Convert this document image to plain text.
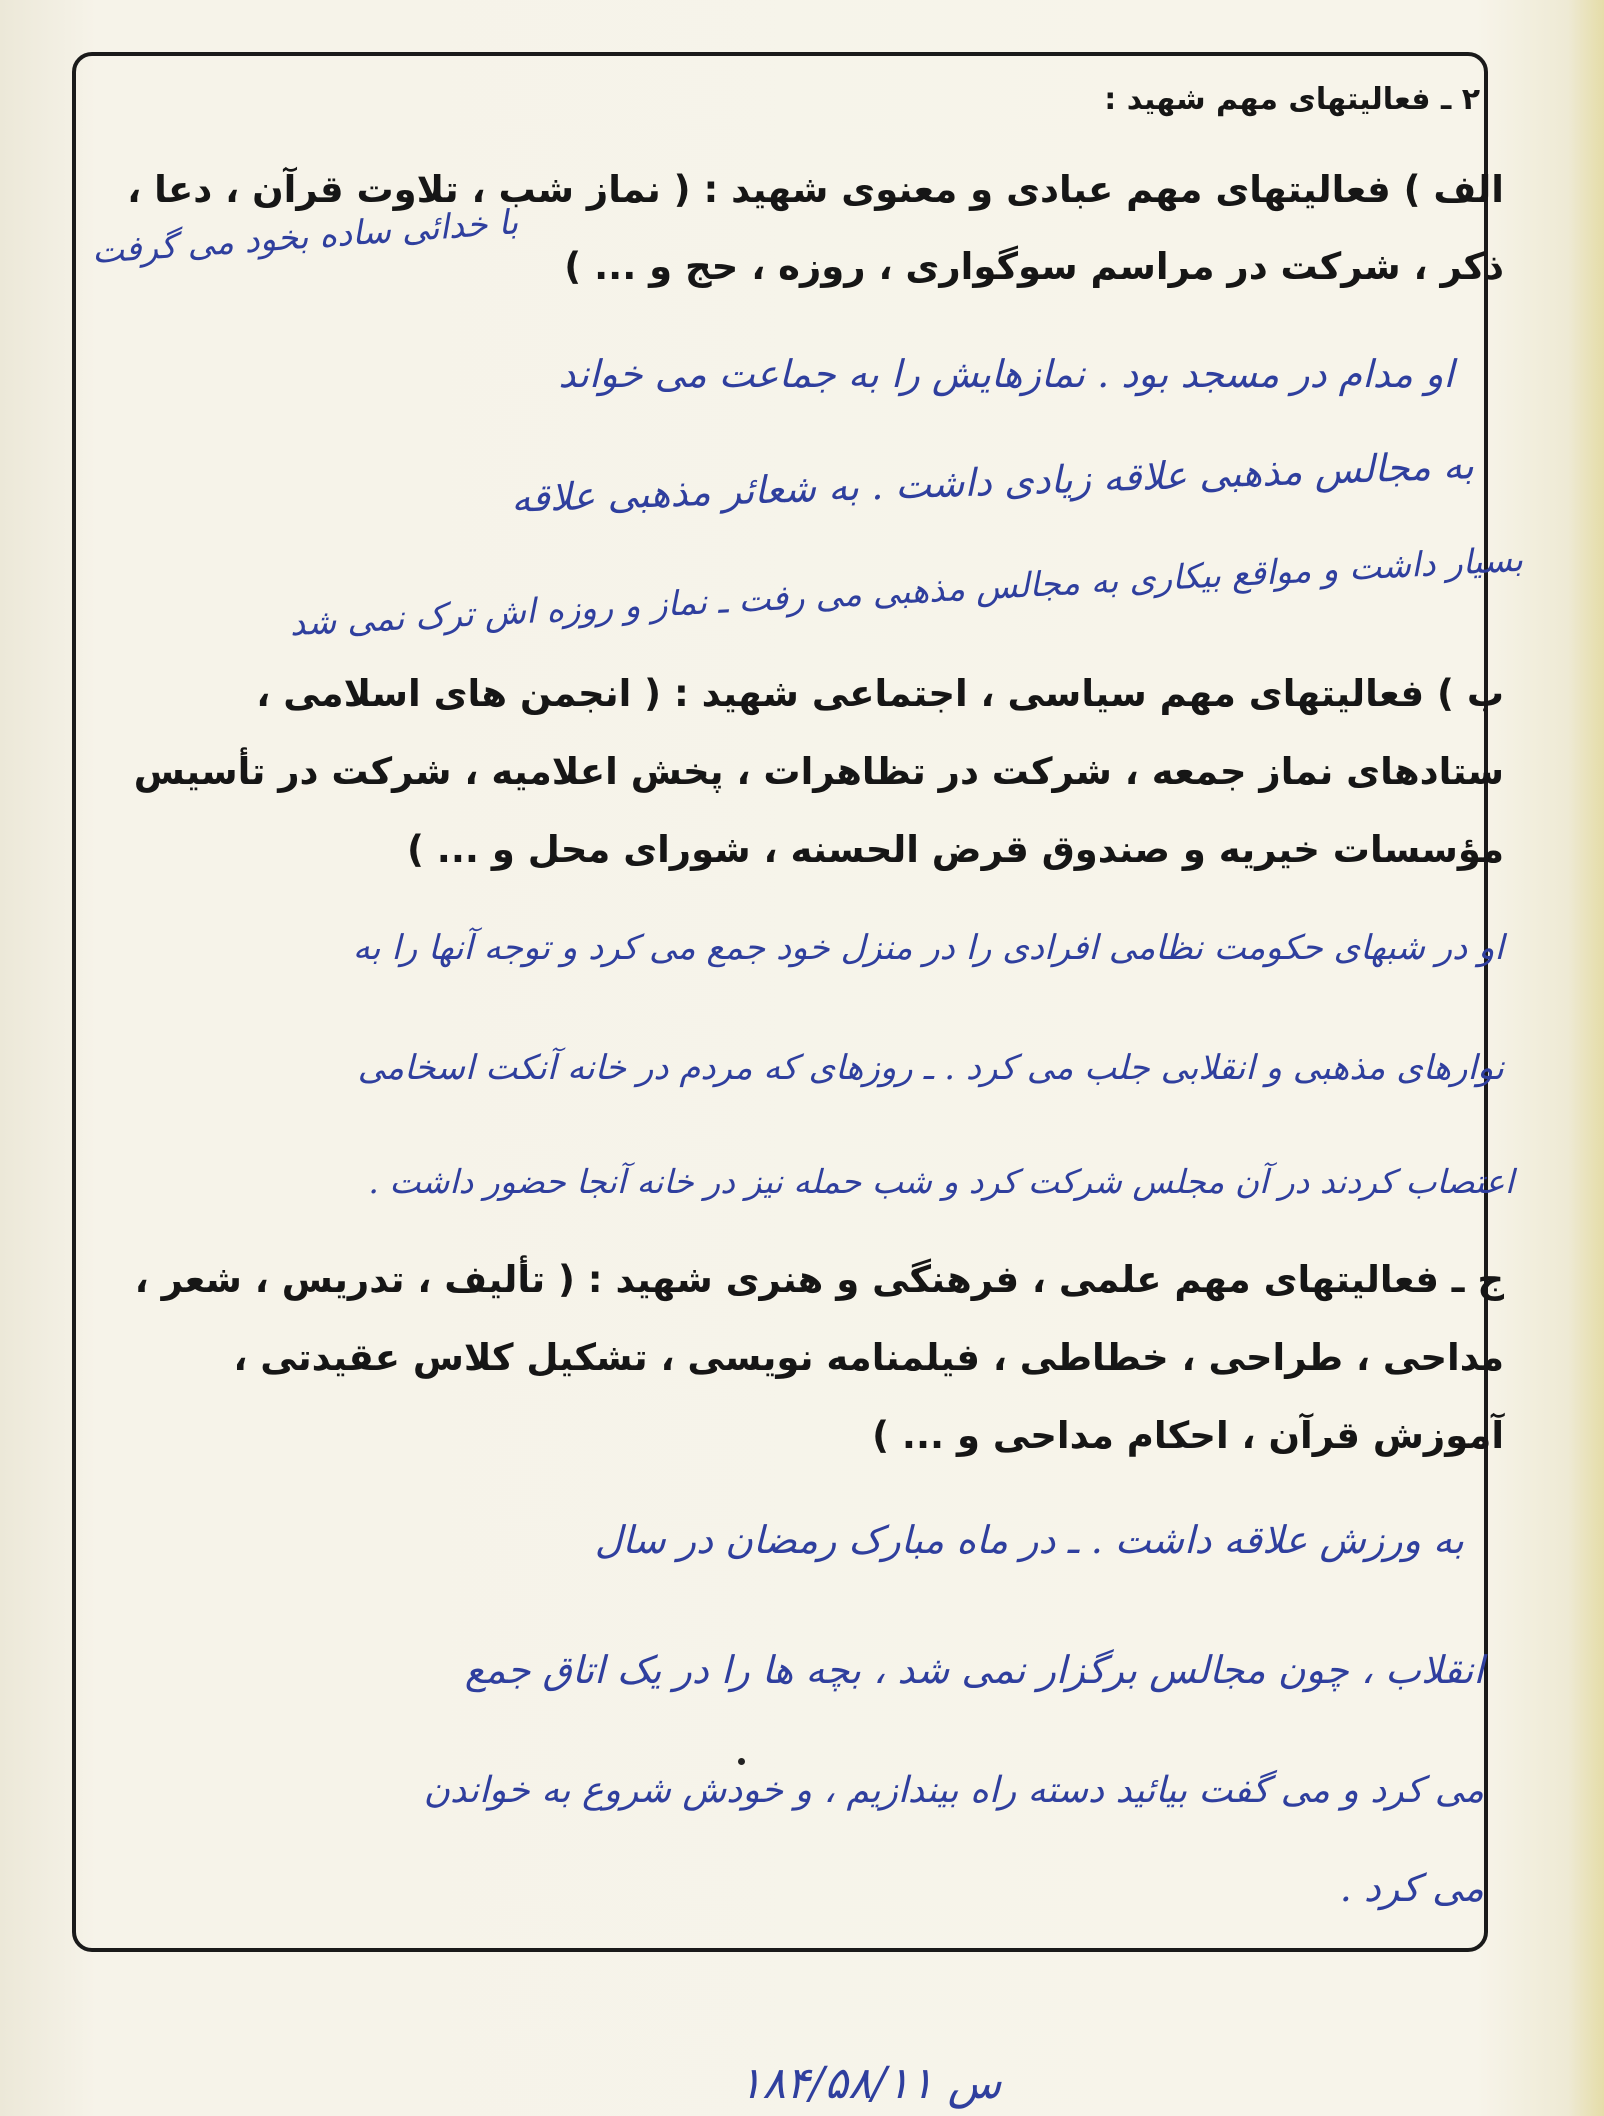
۲ ـ فعالیتهای مهم شهید :
الف ) فعالیتهای مهم عبادی و معنوی شهید : ( نماز شب ، تلاوت قرآن ، دعا ،
ذکر ، شرکت در مراسم سوگواری ، روزه ، حج و ... )
با خدائی ساده بخود می گرفت
او مدام در مسجد بود . نمازهایش را به جماعت می خواند
به مجالس مذهبی علاقه زیادی داشت . به شعائر مذهبی علاقه
بسیار داشت و مواقع بیکاری به مجالس مذهبی می رفت ـ نماز و روزه اش ترک نمی شد
ب ) فعالیتهای مهم سیاسی ، اجتماعی شهید : ( انجمن های اسلامی ،
ستادهای نماز جمعه ، شرکت در تظاهرات ، پخش اعلامیه ، شرکت در تأسیس
مؤسسات خیریه و صندوق قرض الحسنه ، شورای محل و ... )
او در شبهای حکومت نظامی افرادی را در منزل خود جمع می کرد و توجه آنها را به
نوارهای مذهبی و انقلابی جلب می کرد . ـ روزهای که مردم در خانه آنکت اسخامی
اعتصاب کردند در آن مجلس شرکت کرد و شب حمله نیز در خانه آنجا حضور داشت .
ج ـ فعالیتهای مهم علمی ، فرهنگی و هنری شهید : ( تألیف ، تدریس ، شعر ،
مداحی ، طراحی ، خطاطی ، فیلمنامه نویسی ، تشکیل کلاس عقیدتی ،
آموزش قرآن ، احکام مداحی و ... )
به ورزش علاقه داشت . ـ در ماه مبارک رمضان در سال
انقلاب ، چون مجالس برگزار نمی شد ، بچه ها را در یک اتاق جمع
می کرد و می گفت بیائید دسته راه بیندازیم ، و خودش شروع به خواندن
می کرد .
۱۸۴/۵۸/۱۱ س
